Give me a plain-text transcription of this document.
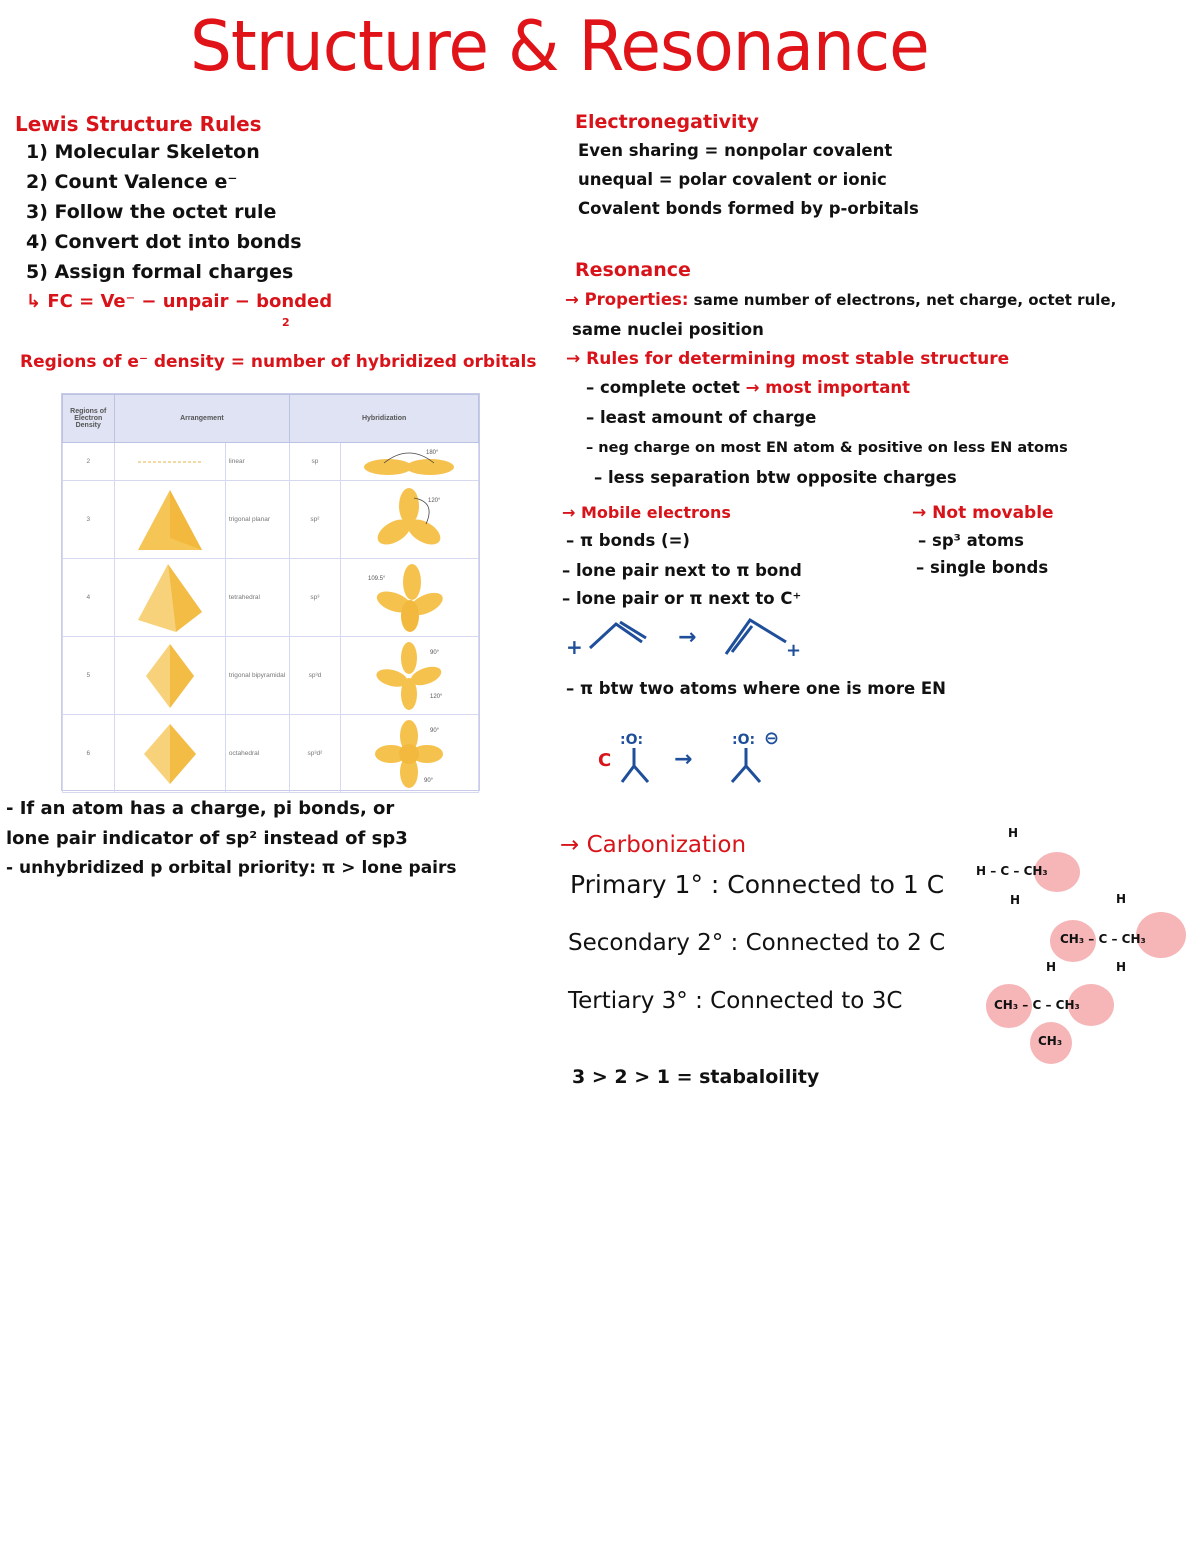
Structure & Resonance
Lewis Structure Rules
1) Molecular Skeleton
2) Count Valence e⁻
3) Follow the octet rule
4) Convert dot into bonds
5) Assign formal charges
↳ FC = Ve⁻ − unpair − bonded
2
Regions of e⁻ density = number of hybridized orbitals
Regions of Electron Density	Arrangement		Hybridization	
2		linear	sp	180°

3		trigonal planar	sp²	120°

4		tetrahedral	sp³	109.5°

5		trigonal bipyramidal	sp³d	90°
120°

6		octahedral	sp³d²	90°
90°
- If an atom has a charge, pi bonds, or
lone pair indicator of sp² instead of sp3
- unhybridized p orbital priority: π > lone pairs
Electronegativity
Even sharing = nonpolar covalent
unequal = polar covalent or ionic
Covalent bonds formed by p-orbitals
Resonance
→ Properties: same number of electrons, net charge, octet rule,
same nuclei position
→ Rules for determining most stable structure
– complete octet → most important
– least amount of charge
– neg charge on most EN atom & positive on less EN atoms
– less separation btw opposite charges
→ Mobile electrons
– π bonds (=)
– lone pair next to π bond
– lone pair or π next to C⁺
→ Not movable
– sp³ atoms
– single bonds
+	→
+
– π btw two atoms where one is more EN
C
:O:
→
:O: ⊖
→ Carbonization
Primary 1° : Connected to 1 C
Secondary 2° : Connected to 2 C
Tertiary 3° : Connected to 3C
3 > 2 > 1 = stabaloility
H
H – C – CH₃
H	H
CH₃ – C – CH₃
H
H
CH₃ – C – CH₃
CH₃
